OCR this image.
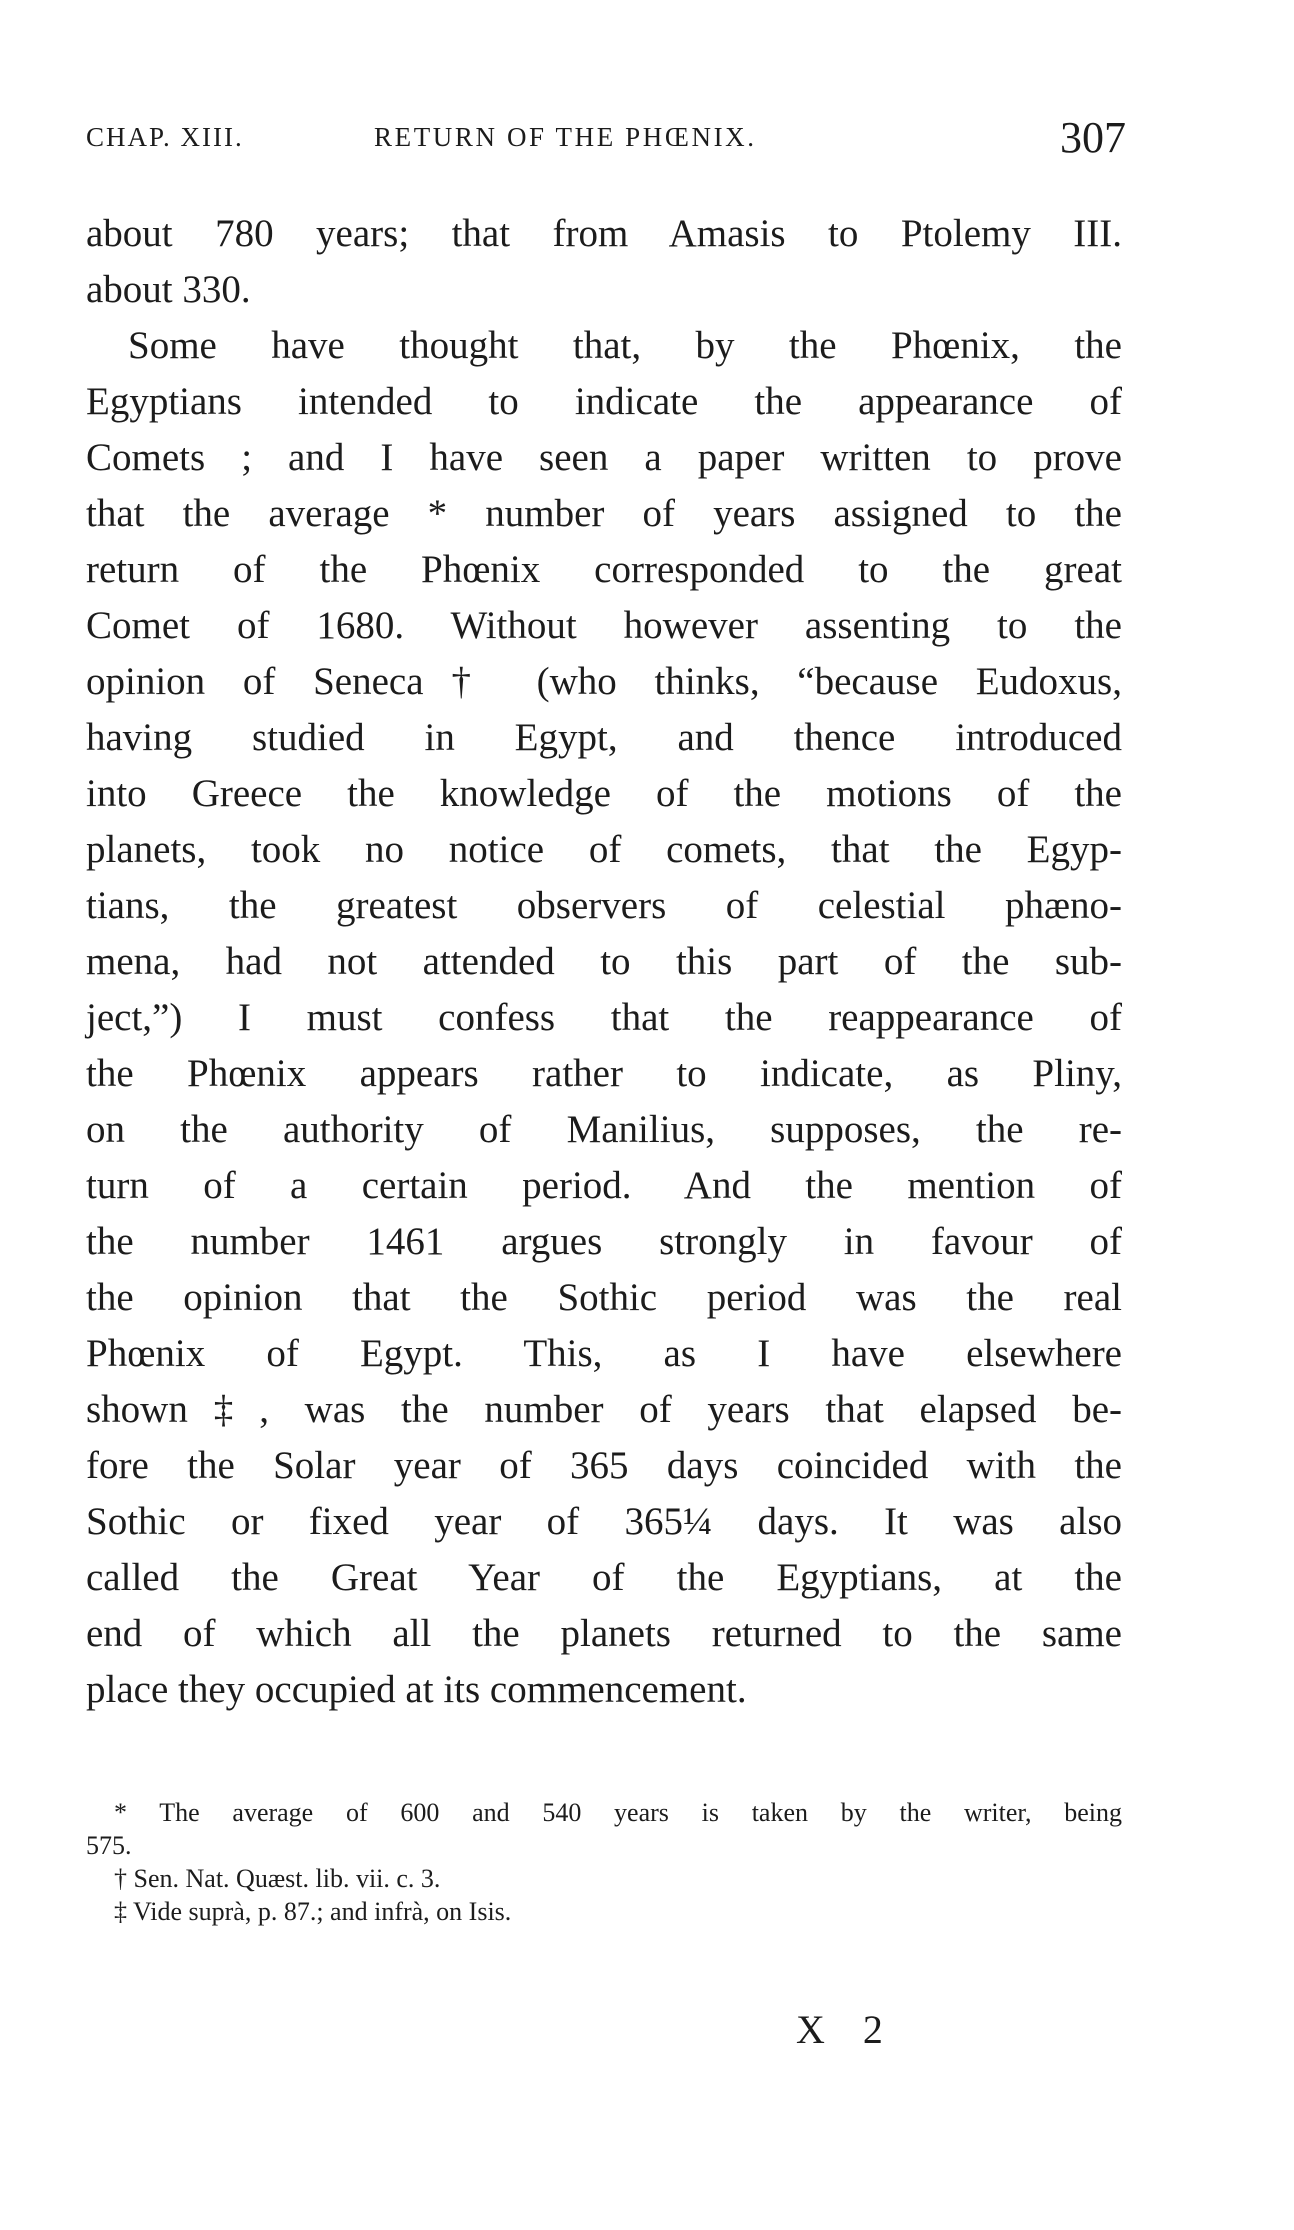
CHAP. XIII.	RETURN OF THE PHŒNIX.	307
about 780 years; that from Amasis to Ptolemy III.
about 330.
Some have thought that, by the Phœnix, the
Egyptians intended to indicate the appearance of
Comets ; and I have seen a paper written to prove
that the average * number of years assigned to the
return of the Phœnix corresponded to the great
Comet of 1680. Without however assenting to the
opinion of Seneca† (who thinks, “because Eudoxus,
having studied in Egypt, and thence introduced
into Greece the knowledge of the motions of the
planets, took no notice of comets, that the Egyp-
tians, the greatest observers of celestial phæno-
mena, had not attended to this part of the sub-
ject,”) I must confess that the reappearance of
the Phœnix appears rather to indicate, as Pliny,
on the authority of Manilius, supposes, the re-
turn of a certain period. And the mention of
the number 1461 argues strongly in favour of
the opinion that the Sothic period was the real
Phœnix of Egypt. This, as I have elsewhere
shown‡, was the number of years that elapsed be-
fore the Solar year of 365 days coincided with the
Sothic or fixed year of 365¼ days. It was also
called the Great Year of the Egyptians, at the
end of which all the planets returned to the same
place they occupied at its commencement.
* The average of 600 and 540 years is taken by the writer, being
575.
† Sen. Nat. Quæst. lib. vii. c. 3.
‡ Vide suprà, p. 87.; and infrà, on Isis.
X 2
